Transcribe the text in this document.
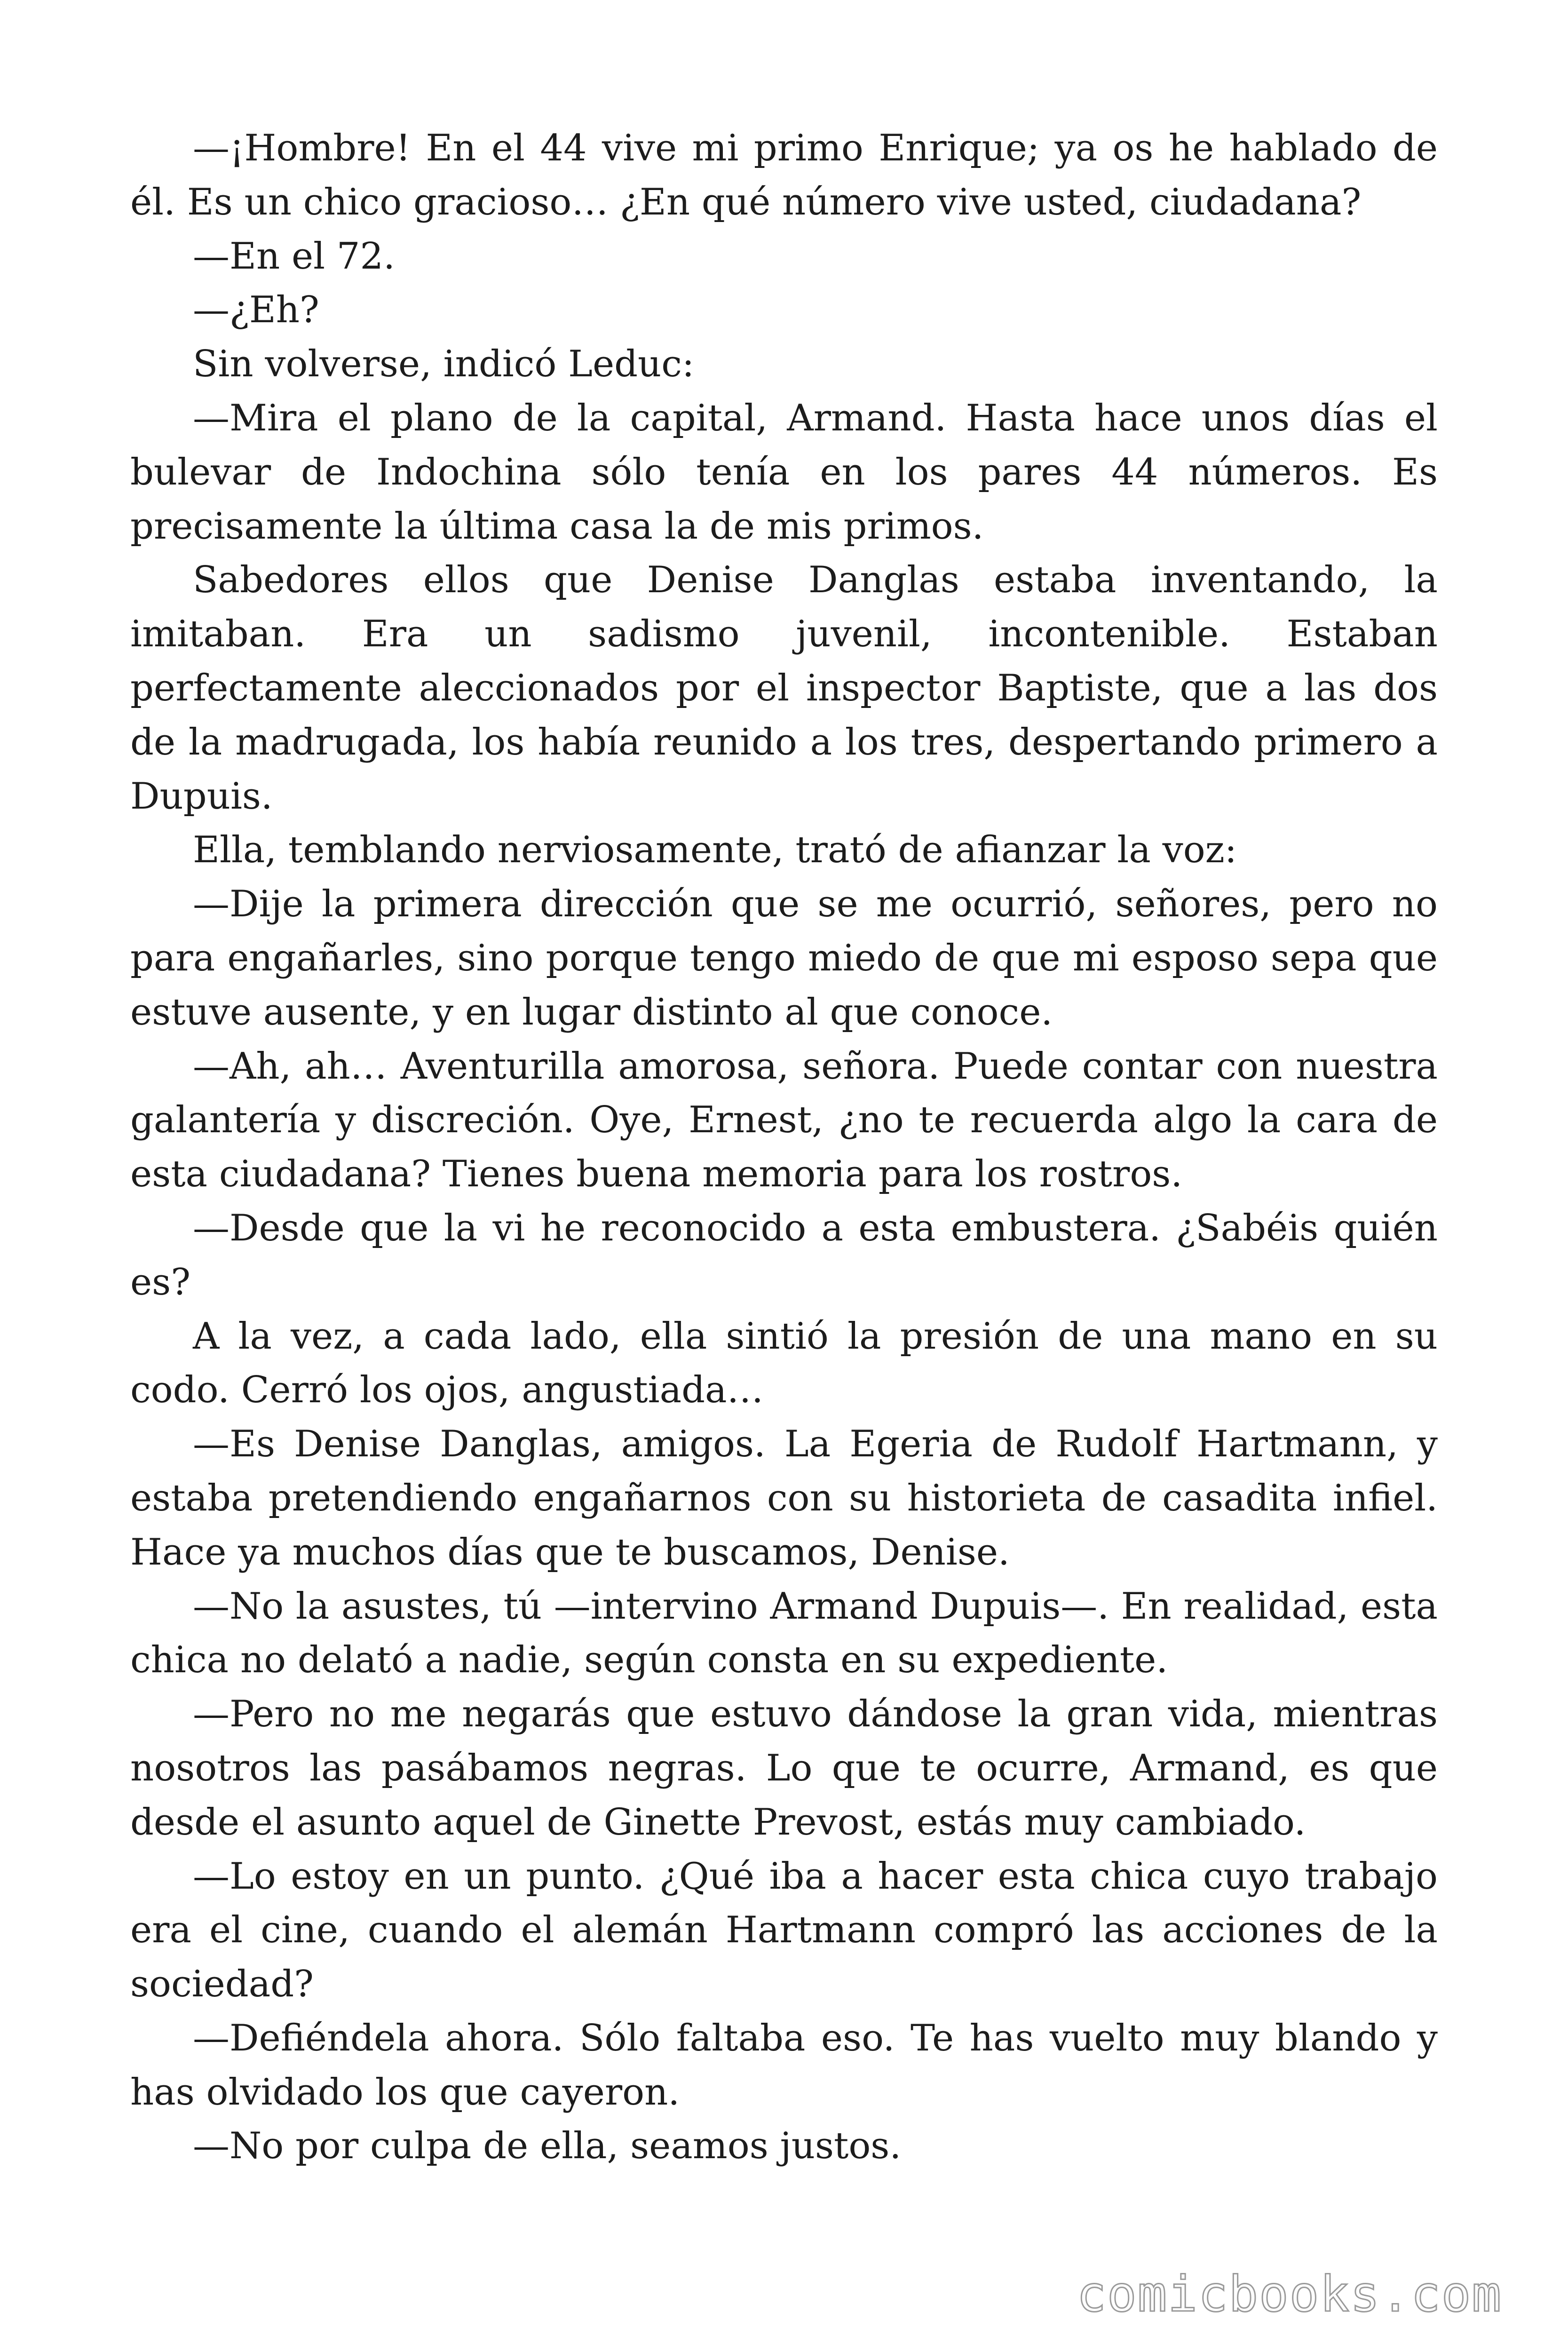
—¡Hombre! En el 44 vive mi primo Enrique; ya os he hablado de él. Es un chico gracioso… ¿En qué número vive usted, ciudadana?

—En el 72.

—¿Eh?

Sin volverse, indicó Leduc:

—Mira el plano de la capital, Armand. Hasta hace unos días el bulevar de Indochina sólo tenía en los pares 44 números. Es precisamente la última casa la de mis primos.

Sabedores ellos que Denise Danglas estaba inventando, la imitaban. Era un sadismo juvenil, incontenible. Estaban perfectamente aleccionados por el inspector Baptiste, que a las dos de la madrugada, los había reunido a los tres, despertando primero a Dupuis.

Ella, temblando nerviosamente, trató de afianzar la voz:

—Dije la primera dirección que se me ocurrió, señores, pero no para engañarles, sino porque tengo miedo de que mi esposo sepa que estuve ausente, y en lugar distinto al que conoce.

—Ah, ah… Aventurilla amorosa, señora. Puede contar con nuestra galantería y discreción. Oye, Ernest, ¿no te recuerda algo la cara de esta ciudadana? Tienes buena memoria para los rostros.

—Desde que la vi he reconocido a esta embustera. ¿Sabéis quién es?

A la vez, a cada lado, ella sintió la presión de una mano en su codo. Cerró los ojos, angustiada…

—Es Denise Danglas, amigos. La Egeria de Rudolf Hartmann, y estaba pretendiendo engañarnos con su historieta de casadita infiel. Hace ya muchos días que te buscamos, Denise.

—No la asustes, tú —intervino Armand Dupuis—. En realidad, esta chica no delató a nadie, según consta en su expediente.

—Pero no me negarás que estuvo dándose la gran vida, mientras nosotros las pasábamos negras. Lo que te ocurre, Armand, es que desde el asunto aquel de Ginette Prevost, estás muy cambiado.

—Lo estoy en un punto. ¿Qué iba a hacer esta chica cuyo trabajo era el cine, cuando el alemán Hartmann compró las acciones de la sociedad?

—Defiéndela ahora. Sólo faltaba eso. Te has vuelto muy blando y has olvidado los que cayeron.

—No por culpa de ella, seamos justos.

comicbooks.com
